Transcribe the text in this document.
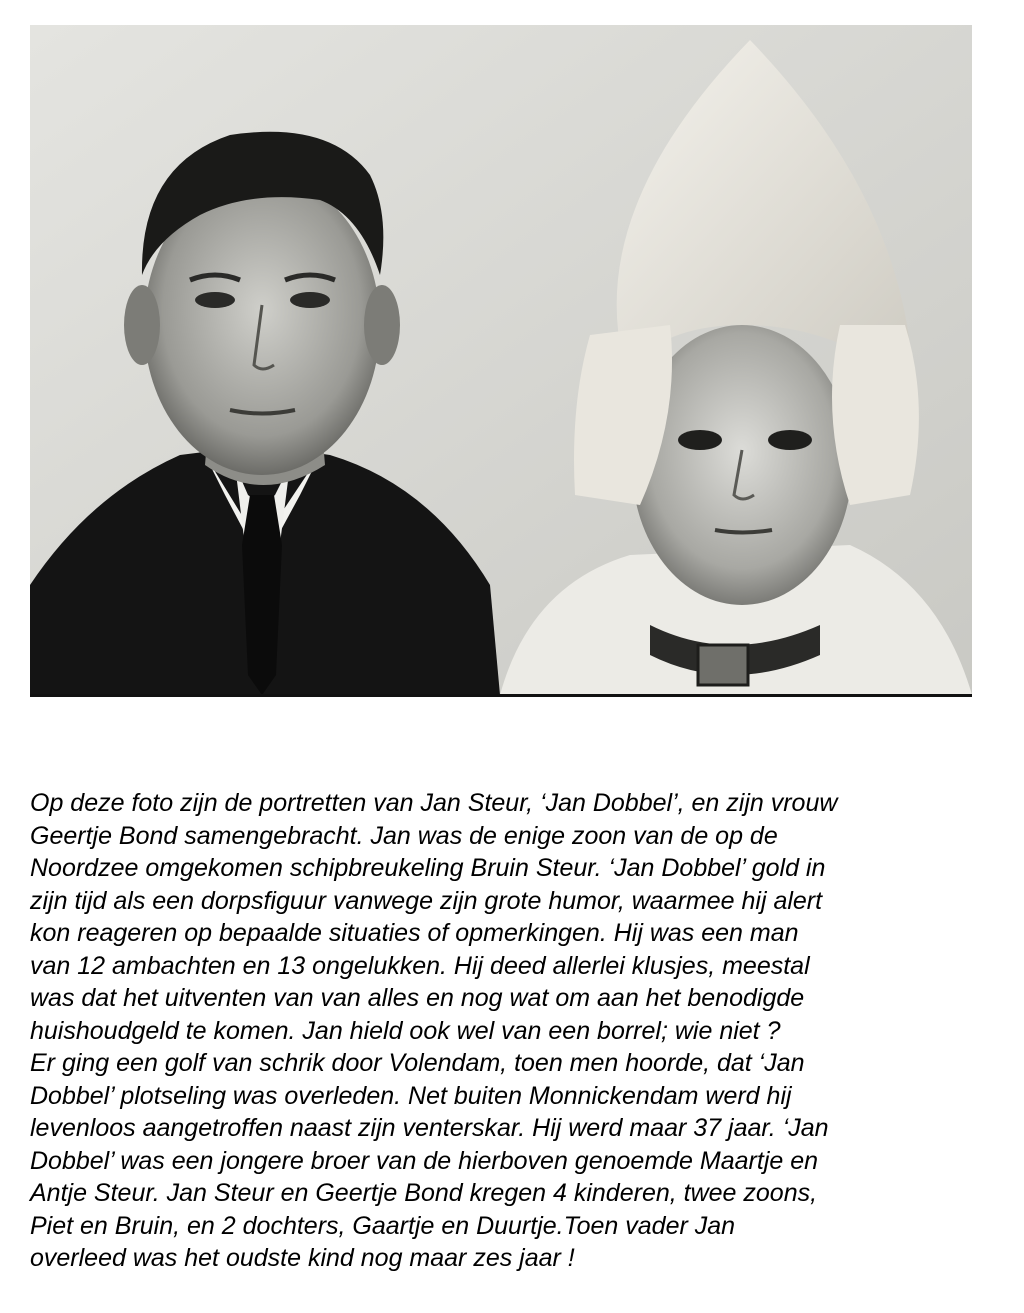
Op deze foto zijn de portretten van Jan Steur, ‘Jan Dobbel’, en zijn vrouw
Geertje Bond samengebracht. Jan was de enige zoon van de op de
Noordzee omgekomen schipbreukeling Bruin Steur. ‘Jan Dobbel’ gold in
zijn tijd als een dorpsfiguur vanwege zijn grote humor, waarmee hij alert
kon reageren op bepaalde situaties of opmerkingen. Hij was een man
van 12 ambachten en 13 ongelukken. Hij deed allerlei klusjes, meestal
was dat het uitventen van van alles en nog wat om aan het benodigde
huishoudgeld te komen. Jan hield ook wel van een borrel; wie niet ?
Er ging een golf van schrik door Volendam, toen men hoorde, dat ‘Jan
Dobbel’ plotseling was overleden. Net buiten Monnickendam werd hij
levenloos aangetroffen naast zijn venterskar. Hij werd maar 37 jaar. ‘Jan
Dobbel’ was een jongere broer van de hierboven genoemde Maartje en
Antje Steur. Jan Steur en Geertje Bond kregen 4 kinderen, twee zoons,
Piet en Bruin, en 2 dochters, Gaartje en Duurtje.Toen vader Jan
overleed was het oudste kind nog maar zes jaar !
